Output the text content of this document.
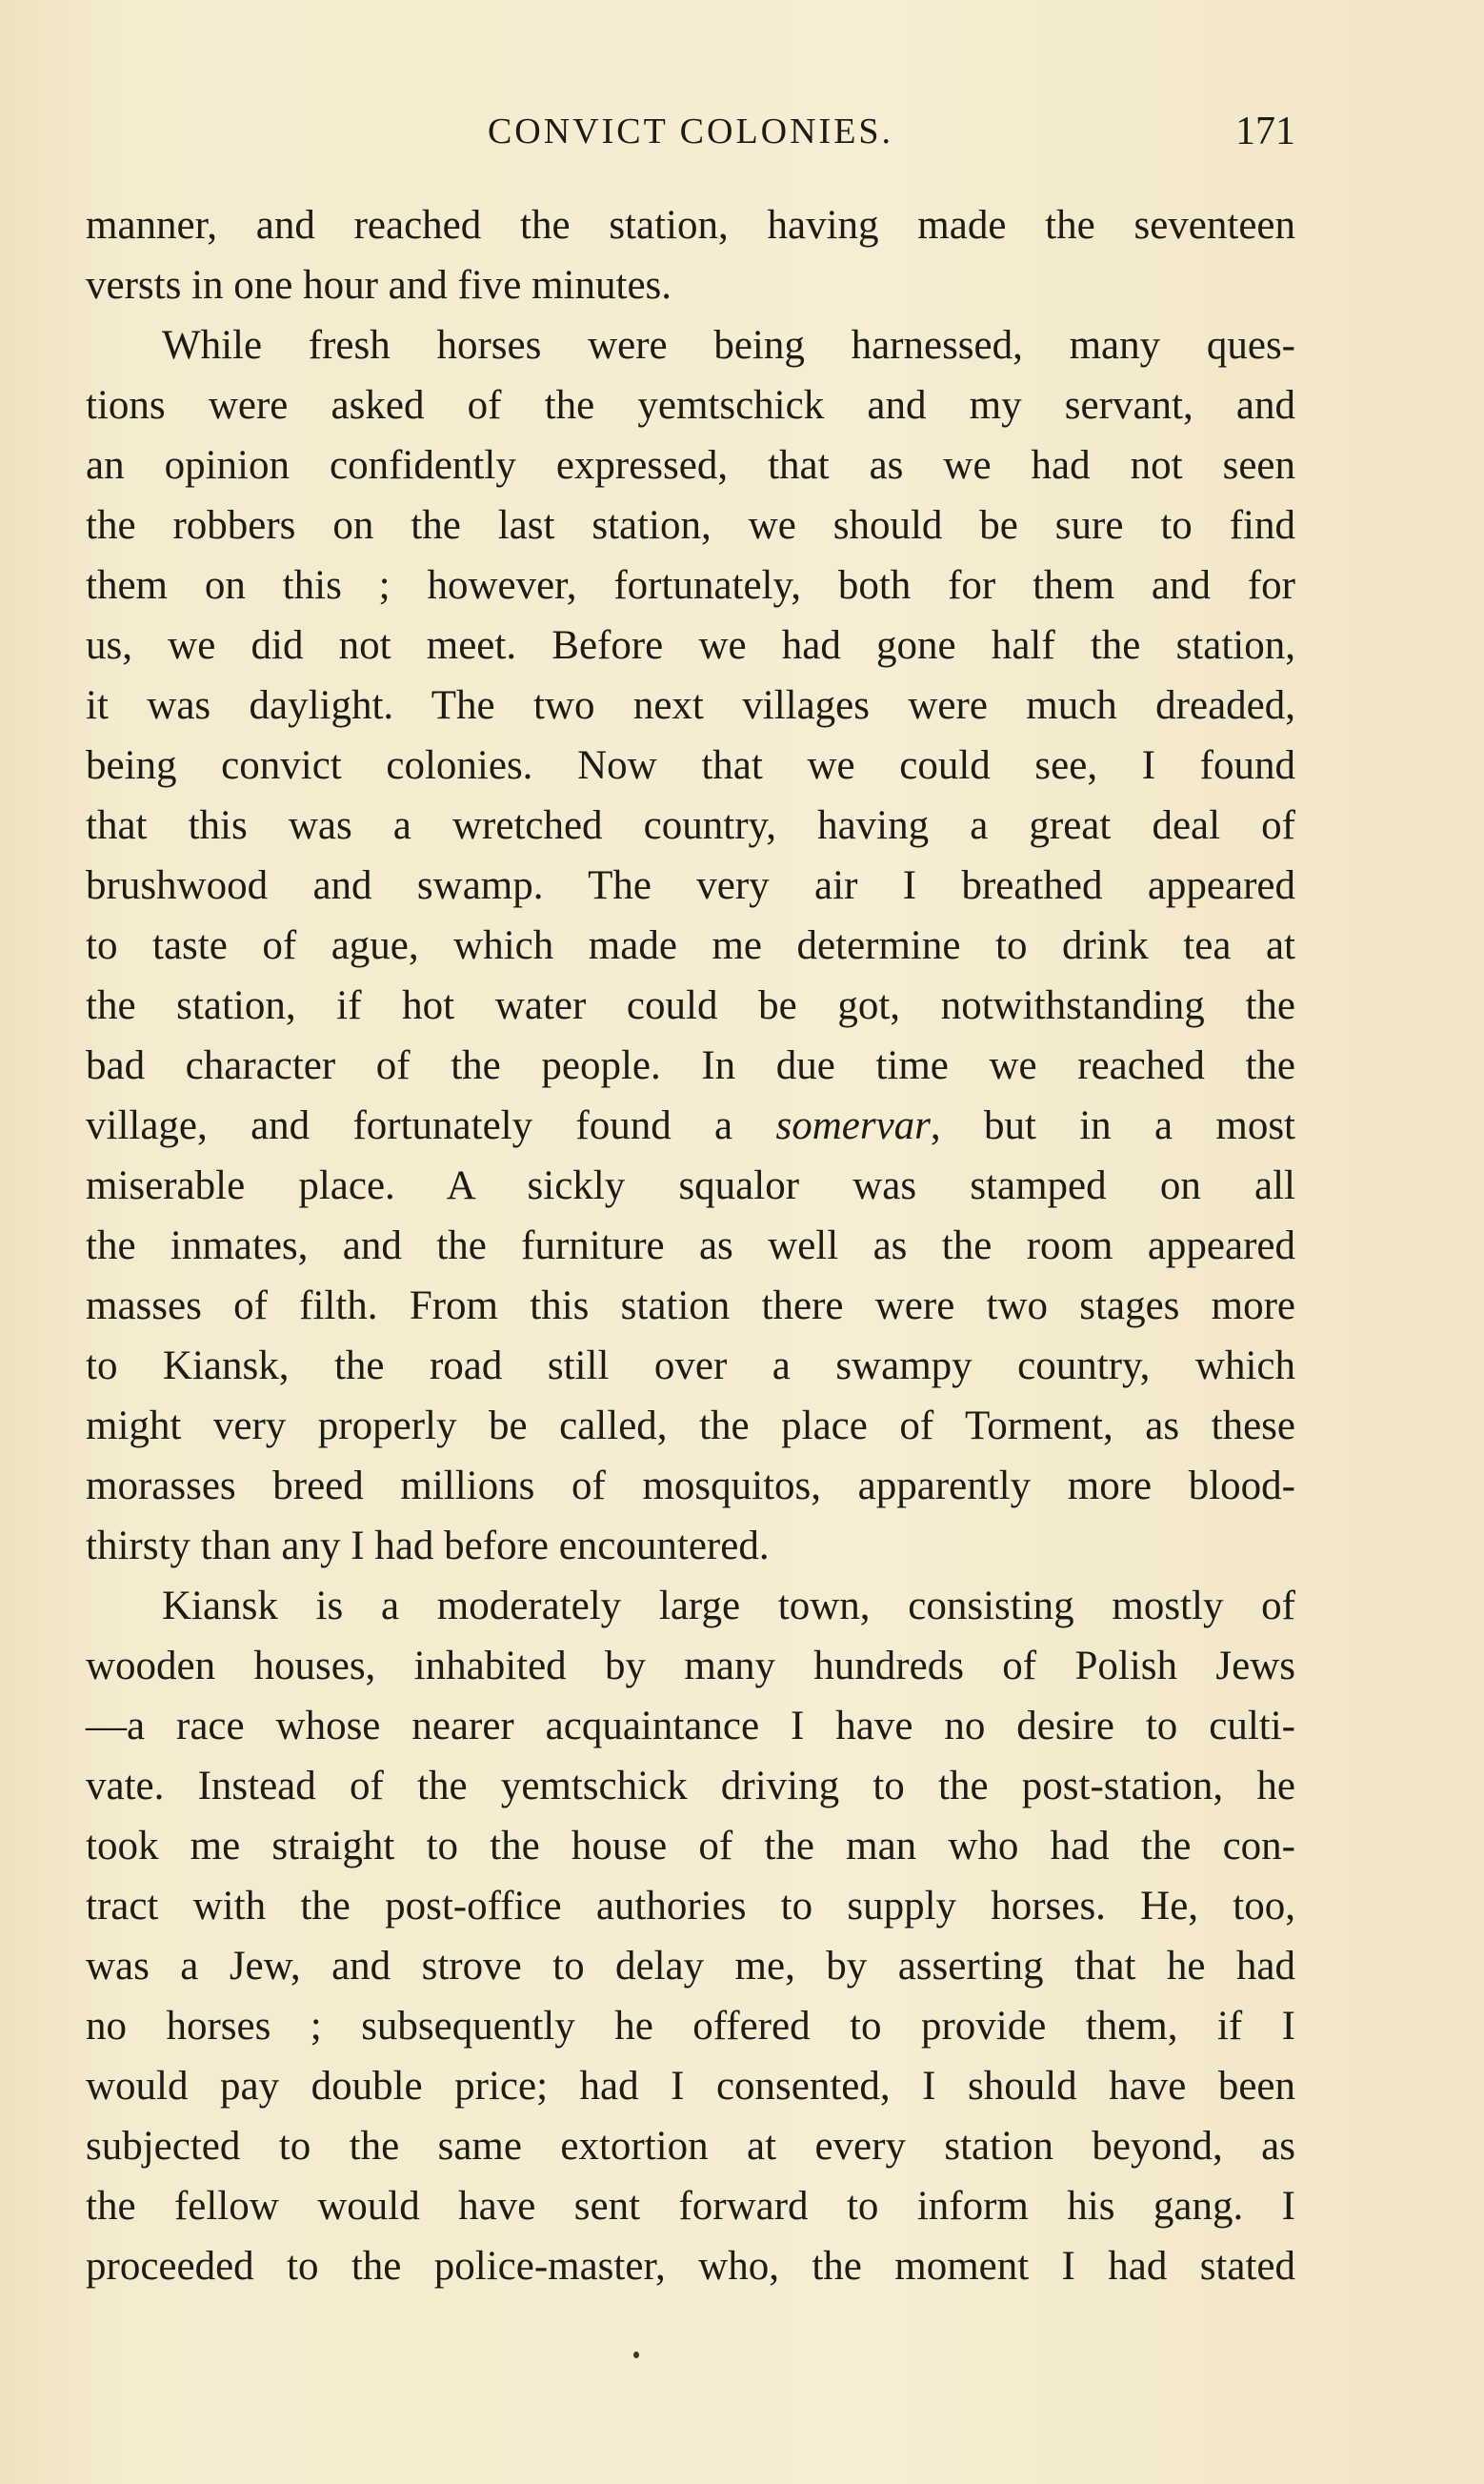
CONVICT COLONIES.	171
manner, and reached the station, having made the seventeen
versts in one hour and five minutes.
While fresh horses were being harnessed, many ques-
tions were asked of the yemtschick and my servant, and
an opinion confidently expressed, that as we had not seen
the robbers on the last station, we should be sure to find
them on this ; however, fortunately, both for them and for
us, we did not meet. Before we had gone half the station,
it was daylight. The two next villages were much dreaded,
being convict colonies. Now that we could see, I found
that this was a wretched country, having a great deal of
brushwood and swamp. The very air I breathed appeared
to taste of ague, which made me determine to drink tea at
the station, if hot water could be got, notwithstanding the
bad character of the people. In due time we reached the
village, and fortunately found a somervar, but in a most
miserable place. A sickly squalor was stamped on all
the inmates, and the furniture as well as the room appeared
masses of filth. From this station there were two stages more
to Kiansk, the road still over a swampy country, which
might very properly be called, the place of Torment, as these
morasses breed millions of mosquitos, apparently more blood-
thirsty than any I had before encountered.
Kiansk is a moderately large town, consisting mostly of
wooden houses, inhabited by many hundreds of Polish Jews
—a race whose nearer acquaintance I have no desire to culti-
vate. Instead of the yemtschick driving to the post-station, he
took me straight to the house of the man who had the con-
tract with the post-office authories to supply horses. He, too,
was a Jew, and strove to delay me, by asserting that he had
no horses ; subsequently he offered to provide them, if I
would pay double price; had I consented, I should have been
subjected to the same extortion at every station beyond, as
the fellow would have sent forward to inform his gang. I
proceeded to the police-master, who, the moment I had stated
